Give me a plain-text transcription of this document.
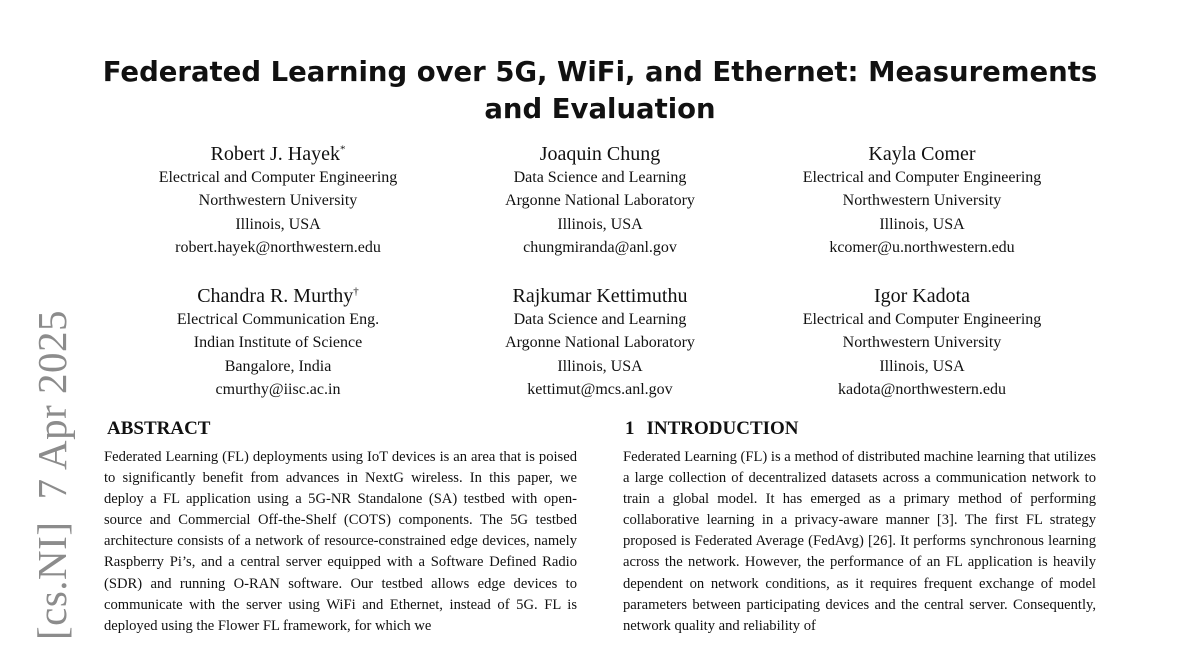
[cs.NI]7 Apr 2025
Federated Learning over 5G, WiFi, and Ethernet: Measurements and Evaluation
Robert J. Hayek*
Electrical and Computer Engineering
Northwestern University
Illinois, USA
robert.hayek@northwestern.edu
Joaquin Chung
Data Science and Learning
Argonne National Laboratory
Illinois, USA
chungmiranda@anl.gov
Kayla Comer
Electrical and Computer Engineering
Northwestern University
Illinois, USA
kcomer@u.northwestern.edu
Chandra R. Murthy†
Electrical Communication Eng.
Indian Institute of Science
Bangalore, India
cmurthy@iisc.ac.in
Rajkumar Kettimuthu
Data Science and Learning
Argonne National Laboratory
Illinois, USA
kettimut@mcs.anl.gov
Igor Kadota
Electrical and Computer Engineering
Northwestern University
Illinois, USA
kadota@northwestern.edu
ABSTRACT
Federated Learning (FL) deployments using IoT devices is an area that is poised to significantly benefit from advances in NextG wireless. In this paper, we deploy a FL application using a 5G-NR Standalone (SA) testbed with open-source and Commercial Off-the-Shelf (COTS) components. The 5G testbed architecture consists of a network of resource-constrained edge devices, namely Raspberry Pi’s, and a central server equipped with a Software Defined Radio (SDR) and running O-RAN software. Our testbed allows edge devices to communicate with the server using WiFi and Ethernet, instead of 5G. FL is deployed using the Flower FL framework, for which we
1 INTRODUCTION
Federated Learning (FL) is a method of distributed machine learning that utilizes a large collection of decentralized datasets across a communication network to train a global model. It has emerged as a primary method of performing collaborative learning in a privacy-aware manner [3]. The first FL strategy proposed is Federated Average (FedAvg) [26]. It performs synchronous learning across the network. However, the performance of an FL application is heavily dependent on network conditions, as it requires frequent exchange of model parameters between participating devices and the central server. Consequently, network quality and reliability of
